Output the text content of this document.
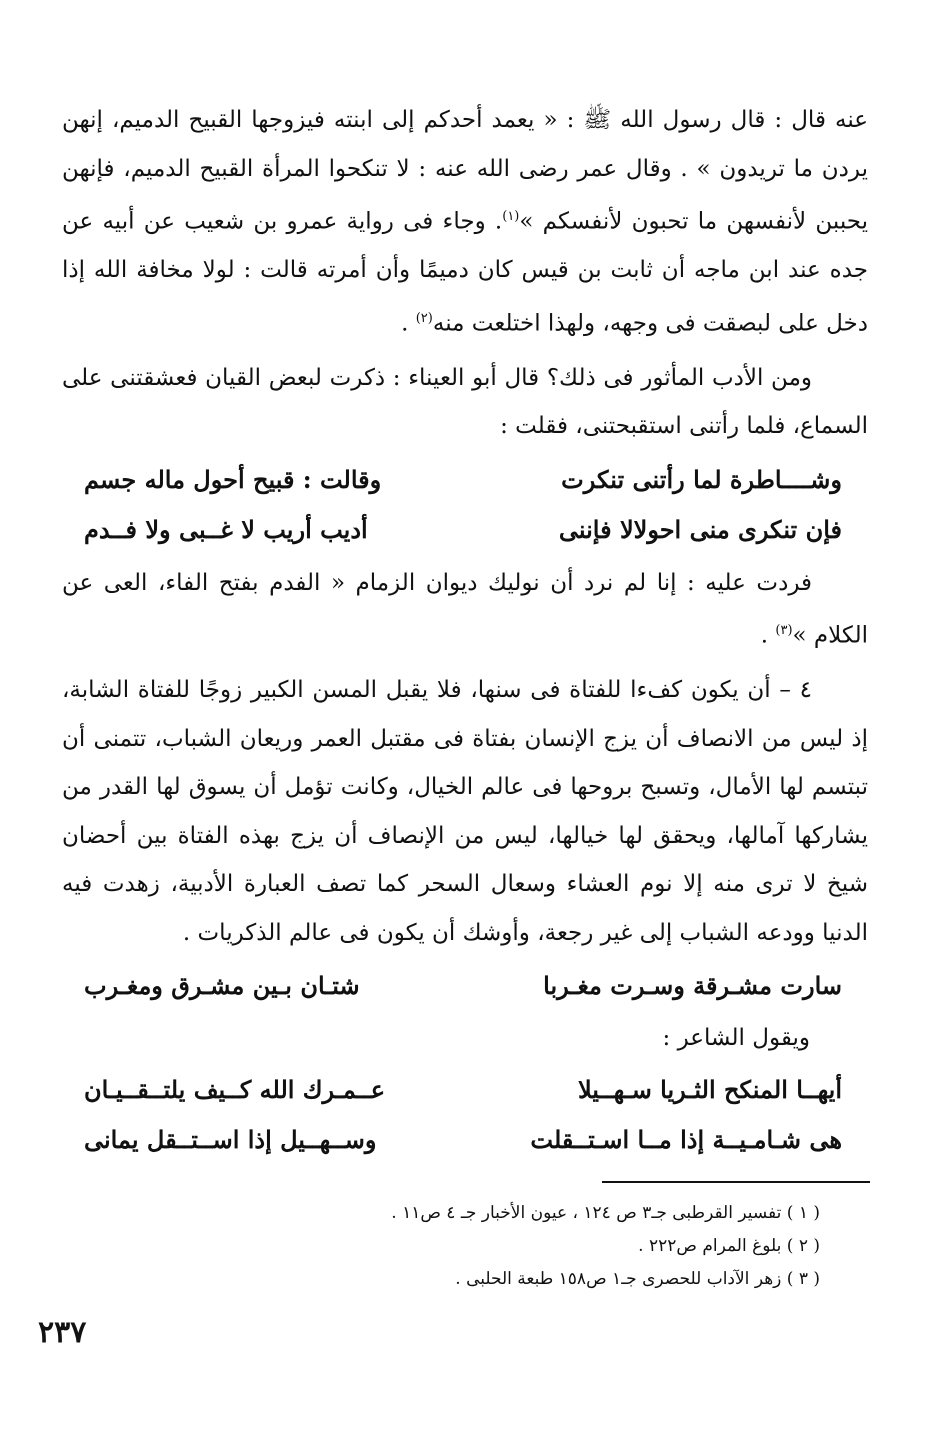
عنه قال : قال رسول الله ﷺ : « يعمد أحدكم إلى ابنته فيزوجها القبيح الدميم، إنهن يردن ما تريدون » . وقال عمر رضى الله عنه : لا تنكحوا المرأة القبيح الدميم، فإنهن يحببن لأنفسهن ما تحبون لأنفسكم »$^{(١)}$. وجاء فى رواية عمرو بن شعيب عن أبيه عن جده عند ابن ماجه أن ثابت بن قيس كان دميمًا وأن أمرته قالت : لولا مخافة الله إذا دخل على لبصقت فى وجهه، ولهذا اختلعت منه$^{(٢)}$ .

ومن الأدب المأثور فى ذلك؟ قال أبو العيناء : ذكرت لبعض القيان فعشقتنى على السماع، فلما رأتنى استقبحتنى، فقلت :

وشــــاطرة لما رأتنى تنكرت
وقالت : قبيح أحول ماله جسم
فإن تنكرى منى احولالا فإننى
أديب أريب لا غــبى ولا فــدم

فردت عليه : إنا لم نرد أن نوليك ديوان الزمام « الفدم بفتح الفاء، العى عن الكلام »$^{(٣)}$ .

٤ – أن يكون كفءا للفتاة فى سنها، فلا يقبل المسن الكبير زوجًا للفتاة الشابة، إذ ليس من الانصاف أن يزج الإنسان بفتاة فى مقتبل العمر وريعان الشباب، تتمنى أن تبتسم لها الأمال، وتسبح بروحها فى عالم الخيال، وكانت تؤمل أن يسوق لها القدر من يشاركها آمالها، ويحقق لها خيالها، ليس من الإنصاف أن يزج بهذه الفتاة بين أحضان شيخ لا ترى منه إلا نوم العشاء وسعال السحر كما تصف العبارة الأدبية، زهدت فيه الدنيا وودعه الشباب إلى غير رجعة، وأوشك أن يكون فى عالم الذكريات .

سارت مشـرقة وسـرت مغـربا
شتـان بـين مشـرق ومغـرب

ويقول الشاعر :

أيهــا المنكح الثـريا سـهــيلا
عــمـرك الله كــيف يلتــقــيـان
هى شـامـيــة إذا مــا اسـتــقلت
وســهــيل إذا اســتــقل يمانى
( ١ ) تفسير القرطبى جـ٣ ص ١٢٤ ، عيون الأخبار جـ ٤ ص١١ .
( ٢ ) بلوغ المرام ص٢٢٢ .
( ٣ ) زهر الآداب للحصرى جـ١ ص١٥٨ طبعة الحلبى .
٢٣٧
